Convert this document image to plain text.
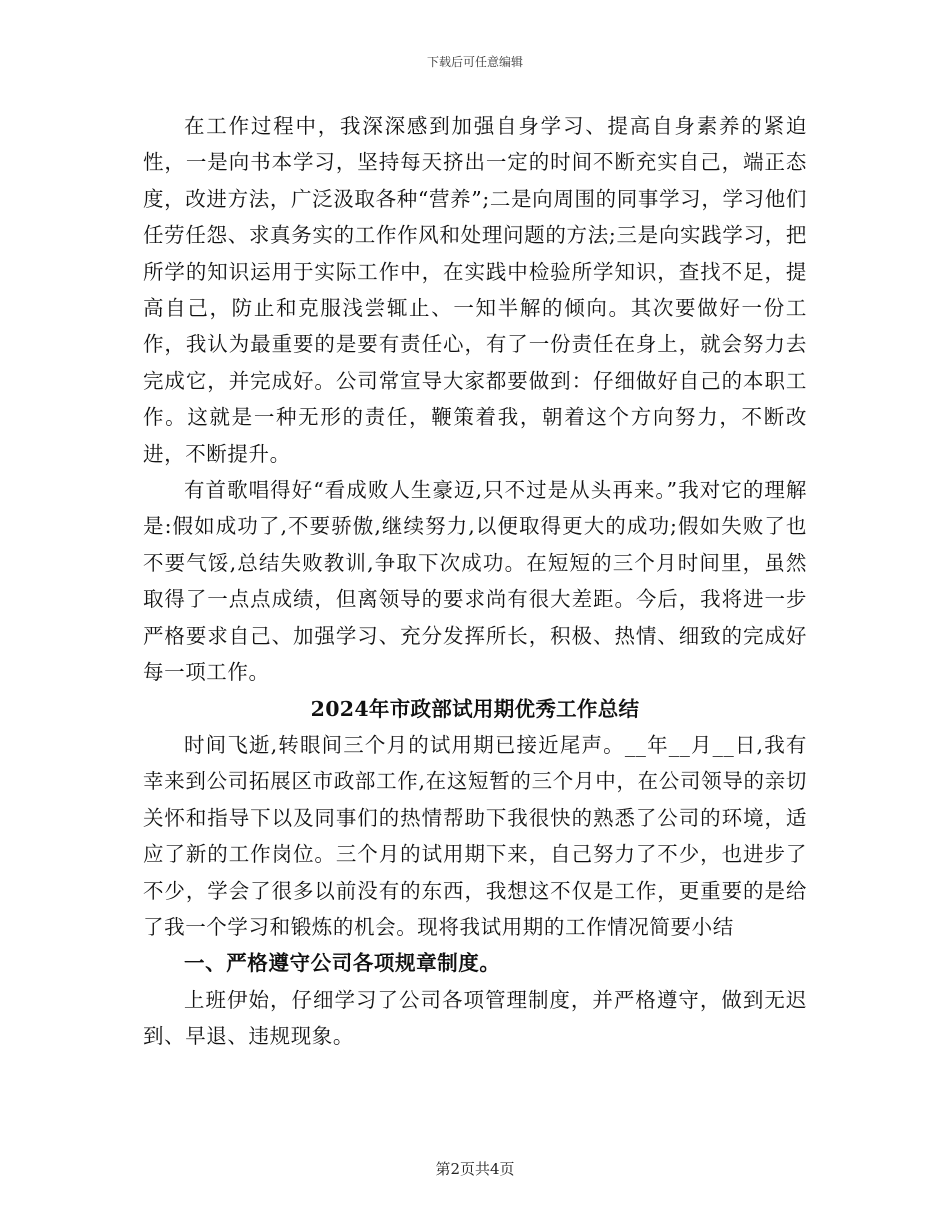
下载后可任意编辑

在工作过程中，我深深感到加强自身学习、提高自身素养的紧迫性，一是向书本学习，坚持每天挤出一定的时间不断充实自己，端正态度，改进方法，广泛汲取各种“营养”;二是向周围的同事学习，学习他们任劳任怨、求真务实的工作作风和处理问题的方法;三是向实践学习，把所学的知识运用于实际工作中，在实践中检验所学知识，查找不足，提高自己，防止和克服浅尝辄止、一知半解的倾向。其次要做好一份工作，我认为最重要的是要有责任心，有了一份责任在身上，就会努力去完成它，并完成好。公司常宣导大家都要做到：仔细做好自己的本职工作。这就是一种无形的责任，鞭策着我，朝着这个方向努力，不断改进，不断提升。

有首歌唱得好“看成败人生豪迈,只不过是从头再来。”我对它的理解是:假如成功了,不要骄傲,继续努力,以便取得更大的成功;假如失败了也不要气馁,总结失败教训,争取下次成功。在短短的三个月时间里，虽然取得了一点点成绩，但离领导的要求尚有很大差距。今后，我将进一步严格要求自己、加强学习、充分发挥所长，积极、热情、细致的完成好每一项工作。

2024年市政部试用期优秀工作总结

时间飞逝,转眼间三个月的试用期已接近尾声。__年__月__日,我有幸来到公司拓展区市政部工作,在这短暂的三个月中，在公司领导的亲切关怀和指导下以及同事们的热情帮助下我很快的熟悉了公司的环境，适应了新的工作岗位。三个月的试用期下来，自己努力了不少，也进步了不少，学会了很多以前没有的东西，我想这不仅是工作，更重要的是给了我一个学习和锻炼的机会。现将我试用期的工作情况简要小结

一、严格遵守公司各项规章制度。

上班伊始，仔细学习了公司各项管理制度，并严格遵守，做到无迟到、早退、违规现象。

第2页共4页
